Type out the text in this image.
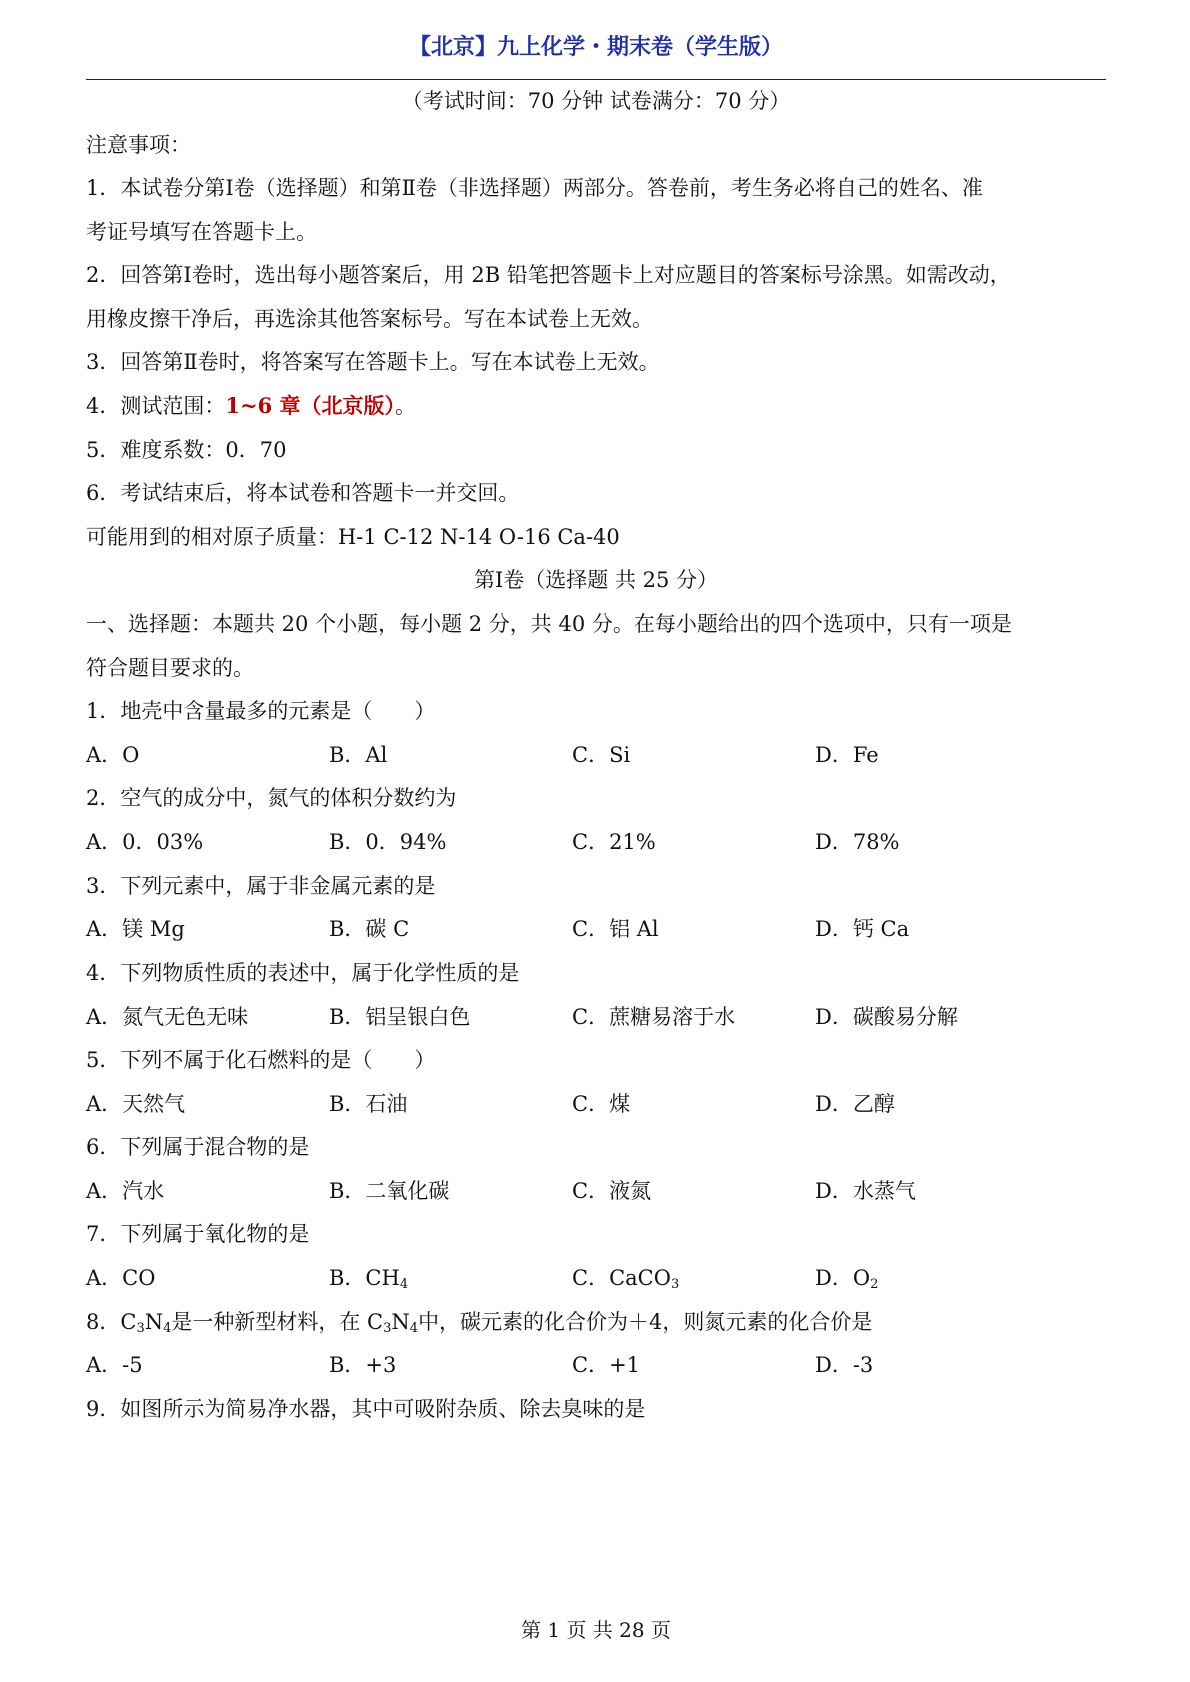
【北京】九上化学・期末卷（学生版）
（考试时间：70 分钟 试卷满分：70 分）
注意事项：
1．本试卷分第Ⅰ卷（选择题）和第Ⅱ卷（非选择题）两部分。答卷前，考生务必将自己的姓名、准
考证号填写在答题卡上。
2．回答第Ⅰ卷时，选出每小题答案后，用 2B 铅笔把答题卡上对应题目的答案标号涂黑。如需改动，
用橡皮擦干净后，再选涂其他答案标号。写在本试卷上无效。
3．回答第Ⅱ卷时，将答案写在答题卡上。写在本试卷上无效。
4．测试范围：1~6 章（北京版）。
5．难度系数：0．70
6．考试结束后，将本试卷和答题卡一并交回。
可能用到的相对原子质量：H-1 C-12 N-14 O-16 Ca-40
第Ⅰ卷（选择题 共 25 分）
一、选择题：本题共 20 个小题，每小题 2 分，共 40 分。在每小题给出的四个选项中，只有一项是
符合题目要求的。
1．地壳中含量最多的元素是（　　）
A．O	B．Al	C．Si	D．Fe
2．空气的成分中，氮气的体积分数约为
A．0．03%	B．0．94%	C．21%	D．78%
3．下列元素中，属于非金属元素的是
A．镁 Mg	B．碳 C	C．铝 Al	D．钙 Ca
4．下列物质性质的表述中，属于化学性质的是
A．氮气无色无味	B．铝呈银白色	C．蔗糖易溶于水	D．碳酸易分解
5．下列不属于化石燃料的是（　　）
A．天然气	B．石油	C．煤	D．乙醇
6．下列属于混合物的是
A．汽水	B．二氧化碳	C．液氮	D．水蒸气
7．下列属于氧化物的是
A．CO	B．$CH_4$	C．CaCO$_3$	D．$O_2$
8．$C_3N_4$是一种新型材料，在 $C_3N_4$中，碳元素的化合价为＋4，则氮元素的化合价是
A．-5	B．+3	C．+1	D．-3
9．如图所示为简易净水器，其中可吸附杂质、除去臭味的是
第 1 页 共 28 页
